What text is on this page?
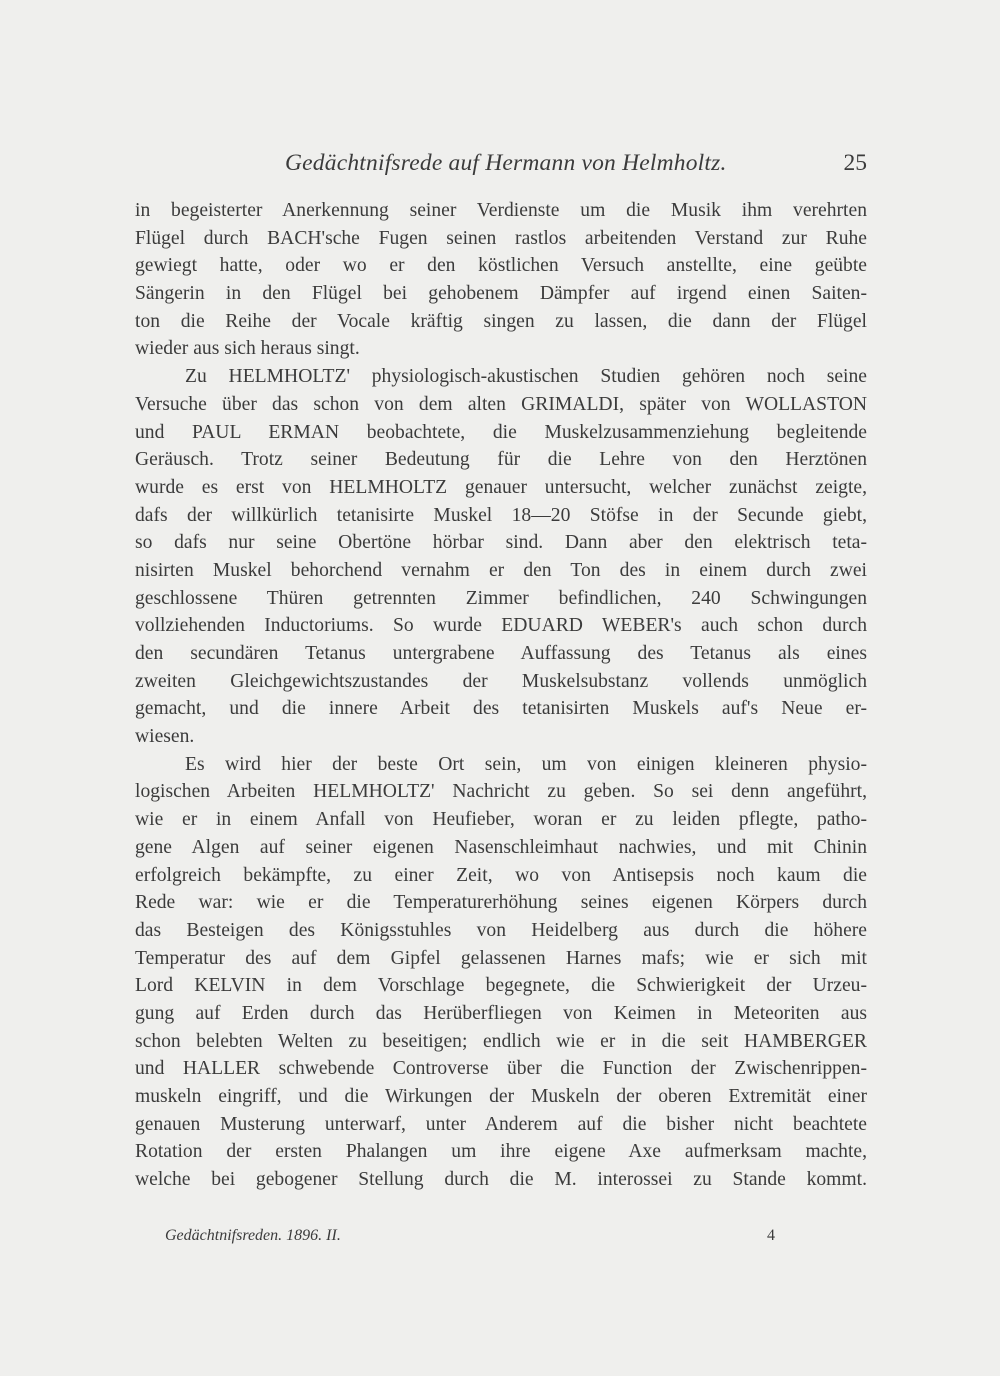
Gedächtnifsrede auf Hermann von Helmholtz.	25
in begeisterter Anerkennung seiner Verdienste um die Musik ihm verehrten
Flügel durch BACH'sche Fugen seinen rastlos arbeitenden Verstand zur Ruhe
gewiegt hatte, oder wo er den köstlichen Versuch anstellte, eine geübte
Sängerin in den Flügel bei gehobenem Dämpfer auf irgend einen Saiten-
ton die Reihe der Vocale kräftig singen zu lassen, die dann der Flügel
wieder aus sich heraus singt.
Zu HELMHOLTZ' physiologisch-akustischen Studien gehören noch seine
Versuche über das schon von dem alten GRIMALDI, später von WOLLASTON
und PAUL ERMAN beobachtete, die Muskelzusammenziehung begleitende
Geräusch. Trotz seiner Bedeutung für die Lehre von den Herztönen
wurde es erst von HELMHOLTZ genauer untersucht, welcher zunächst zeigte,
dafs der willkürlich tetanisirte Muskel 18—20 Stöfse in der Secunde giebt,
so dafs nur seine Obertöne hörbar sind. Dann aber den elektrisch teta-
nisirten Muskel behorchend vernahm er den Ton des in einem durch zwei
geschlossene Thüren getrennten Zimmer befindlichen, 240 Schwingungen
vollziehenden Inductoriums. So wurde EDUARD WEBER's auch schon durch
den secundären Tetanus untergrabene Auffassung des Tetanus als eines
zweiten Gleichgewichtszustandes der Muskelsubstanz vollends unmöglich
gemacht, und die innere Arbeit des tetanisirten Muskels auf's Neue er-
wiesen.
Es wird hier der beste Ort sein, um von einigen kleineren physio-
logischen Arbeiten HELMHOLTZ' Nachricht zu geben. So sei denn angeführt,
wie er in einem Anfall von Heufieber, woran er zu leiden pflegte, patho-
gene Algen auf seiner eigenen Nasenschleimhaut nachwies, und mit Chinin
erfolgreich bekämpfte, zu einer Zeit, wo von Antisepsis noch kaum die
Rede war: wie er die Temperaturerhöhung seines eigenen Körpers durch
das Besteigen des Königsstuhles von Heidelberg aus durch die höhere
Temperatur des auf dem Gipfel gelassenen Harnes mafs; wie er sich mit
Lord KELVIN in dem Vorschlage begegnete, die Schwierigkeit der Urzeu-
gung auf Erden durch das Herüberfliegen von Keimen in Meteoriten aus
schon belebten Welten zu beseitigen; endlich wie er in die seit HAMBERGER
und HALLER schwebende Controverse über die Function der Zwischenrippen-
muskeln eingriff, und die Wirkungen der Muskeln der oberen Extremität einer
genauen Musterung unterwarf, unter Anderem auf die bisher nicht beachtete
Rotation der ersten Phalangen um ihre eigene Axe aufmerksam machte,
welche bei gebogener Stellung durch die M. interossei zu Stande kommt.
Gedächtnifsreden. 1896. II.	4
